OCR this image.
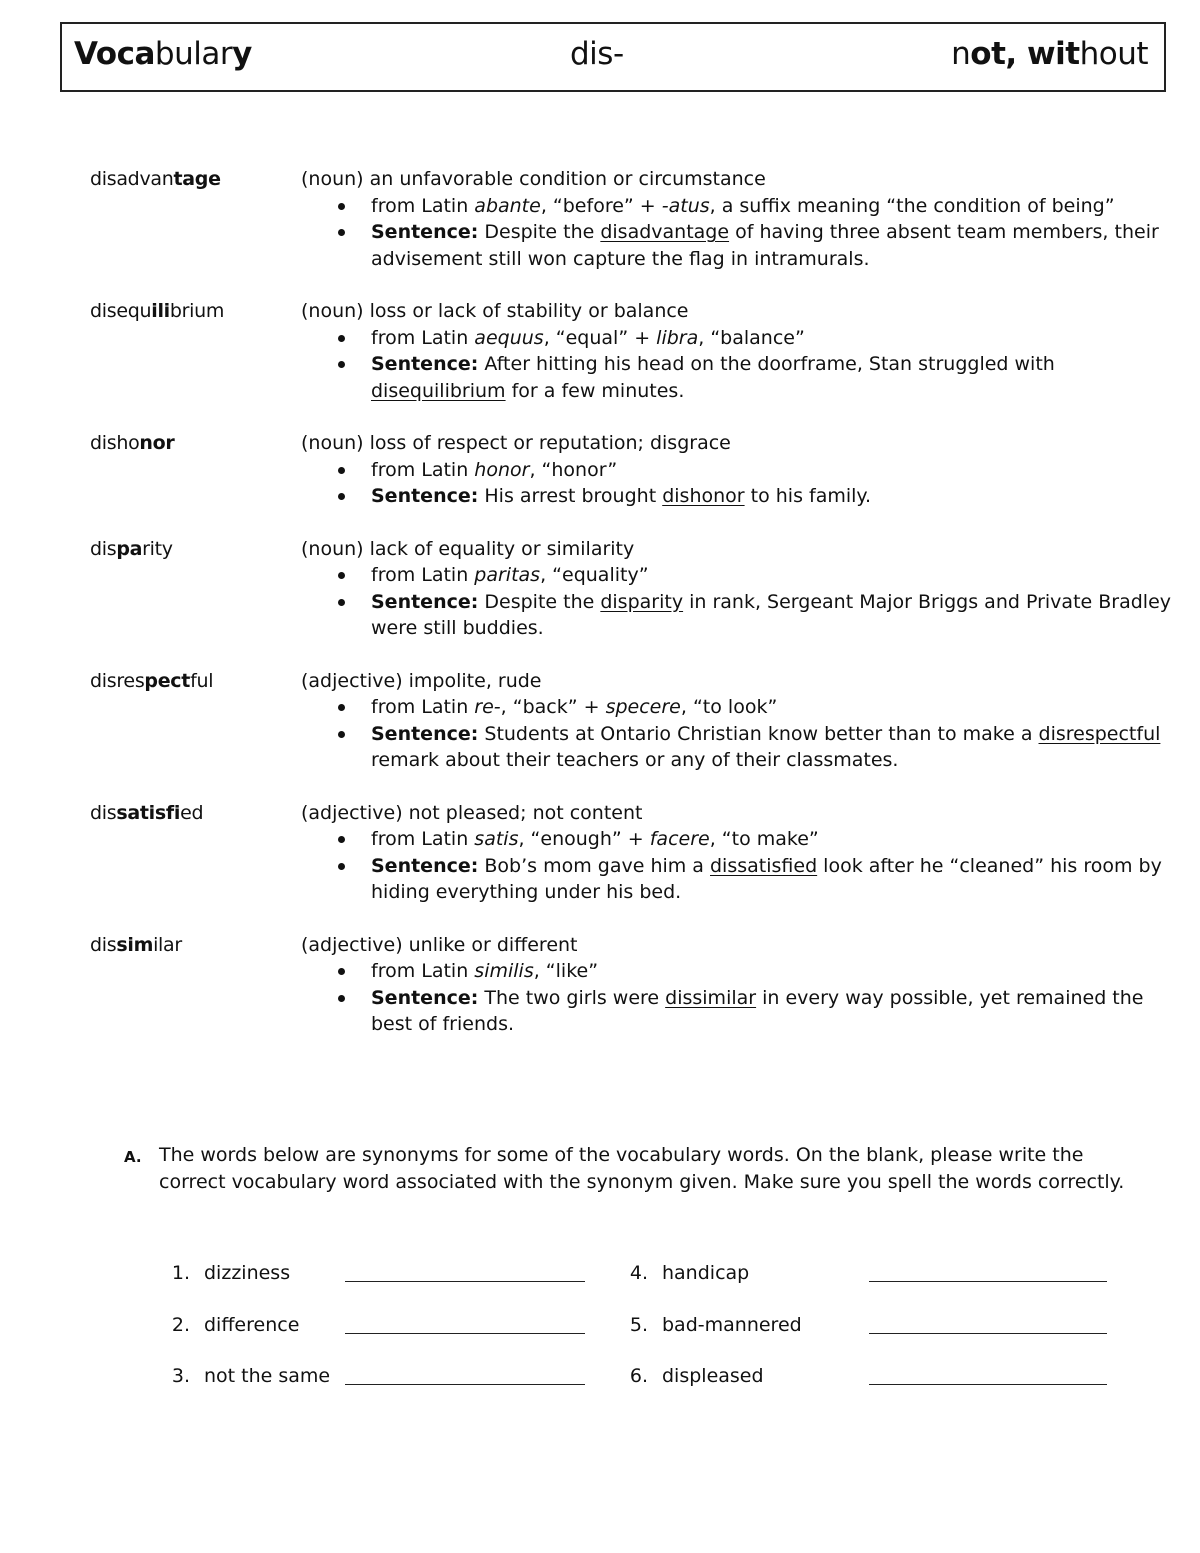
Vocabulary	dis-	not, without
disadvantage	(noun) an unfavorable condition or circumstance
from Latin abante, “before” + -atus, a suffix meaning “the condition of being”
Sentence: Despite the disadvantage of having three absent team members, their advisement still won capture the flag in intramurals.
disequilibrium	(noun) loss or lack of stability or balance
from Latin aequus, “equal” + libra, “balance”
Sentence: After hitting his head on the doorframe, Stan struggled with disequilibrium for a few minutes.
dishonor	(noun) loss of respect or reputation; disgrace
from Latin honor, “honor”
Sentence: His arrest brought dishonor to his family.
disparity	(noun) lack of equality or similarity
from Latin paritas, “equality”
Sentence: Despite the disparity in rank, Sergeant Major Briggs and Private Bradley were still buddies.
disrespectful	(adjective) impolite, rude
from Latin re-, “back” + specere, “to look”
Sentence: Students at Ontario Christian know better than to make a disrespectful remark about their teachers or any of their classmates.
dissatisfied	(adjective) not pleased; not content
from Latin satis, “enough” + facere, “to make”
Sentence: Bob’s mom gave him a dissatisfied look after he “cleaned” his room by hiding everything under his bed.
dissimilar	(adjective) unlike or different
from Latin similis, “like”
Sentence: The two girls were dissimilar in every way possible, yet remained the best of friends.
A. The words below are synonyms for some of the vocabulary words. On the blank, please write the correct vocabulary word associated with the synonym given. Make sure you spell the words correctly.
1. dizziness
2. difference
3. not the same
4. handicap
5. bad-mannered
6. displeased
